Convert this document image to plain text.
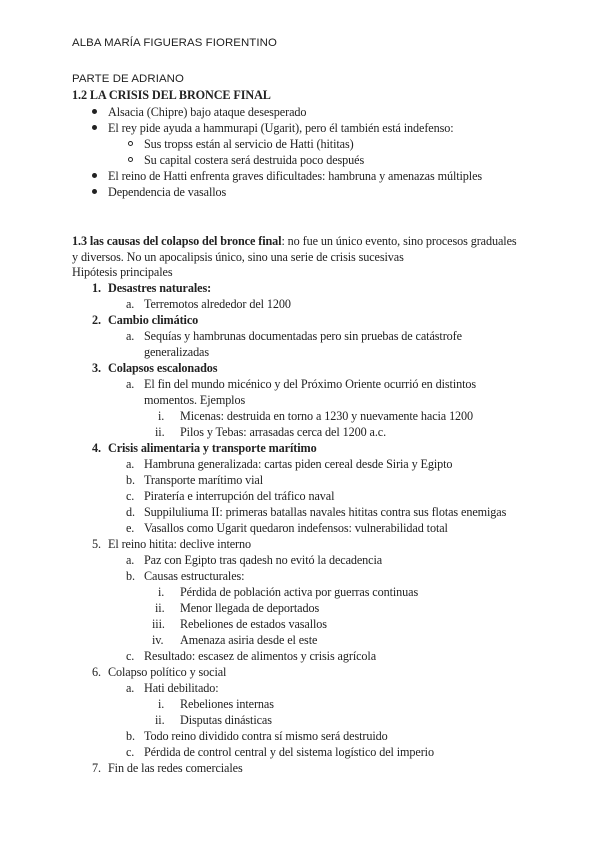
ALBA MARÍA FIGUERAS FIORENTINO
PARTE DE ADRIANO
1.2 LA CRISIS DEL BRONCE FINAL
Alsacia (Chipre) bajo ataque desesperado
El rey pide ayuda a hammurapi (Ugarit), pero él también está indefenso:
Sus tropss están al servicio de Hatti (hititas)
Su capital costera será destruida poco después
El reino de Hatti enfrenta graves dificultades: hambruna y amenazas múltiples
Dependencia de vasallos
1.3 las causas del colapso del bronce final: no fue un único evento, sino procesos graduales
y diversos. No un apocalipsis único, sino una serie de crisis sucesivas
Hipótesis principales
1. Desastres naturales:
a. Terremotos alrededor del 1200
2. Cambio climático
a. Sequías y hambrunas documentadas pero sin pruebas de catástrofe
generalizadas
3. Colapsos escalonados
a. El fin del mundo micénico y del Próximo Oriente ocurrió en distintos
momentos. Ejemplos
i. Micenas: destruida en torno a 1230 y nuevamente hacia 1200
ii. Pilos y Tebas: arrasadas cerca del 1200 a.c.
4. Crisis alimentaria y transporte marítimo
a. Hambruna generalizada: cartas piden cereal desde Siria y Egipto
b. Transporte marítimo vial
c. Piratería e interrupción del tráfico naval
d. Suppiluliuma II: primeras batallas navales hititas contra sus flotas enemigas
e. Vasallos como Ugarit quedaron indefensos: vulnerabilidad total
5. El reino hitita: declive interno
a. Paz con Egipto tras qadesh no evitó la decadencia
b. Causas estructurales:
i. Pérdida de población activa por guerras continuas
ii. Menor llegada de deportados
iii. Rebeliones de estados vasallos
iv. Amenaza asiria desde el este
c. Resultado: escasez de alimentos y crisis agrícola
6. Colapso político y social
a. Hati debilitado:
i. Rebeliones internas
ii. Disputas dinásticas
b. Todo reino dividido contra sí mismo será destruido
c. Pérdida de control central y del sistema logístico del imperio
7. Fin de las redes comerciales
